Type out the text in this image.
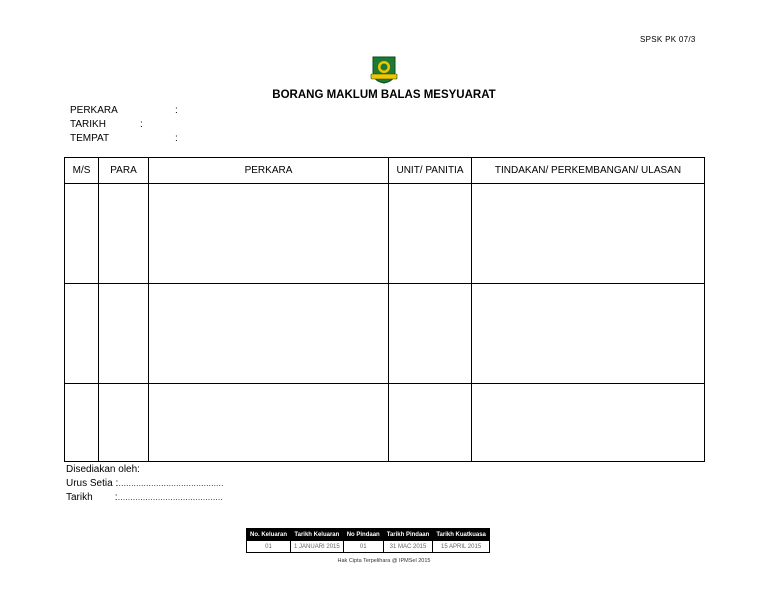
SPSK PK 07/3
BORANG MAKLUM BALAS MESYUARAT
PERKARA	:
TARIKH	:
TEMPAT	:
M/S	PARA	PERKARA	UNIT/ PANITIA	TINDAKAN/ PERKEMBANGAN/ ULASAN

Disediakan oleh:
Urus Setia :……………………………………
Tarikh :……………………………………
No. Keluaran	Tarikh Keluaran	No Pindaan	Tarikh Pindaan	Tarikh Kuatkuasa
01	1 JANUARI 2015	01	31 MAC 2015	15 APRIL 2015
Hak Cipta Terpelihara @ IPMSel 2015
